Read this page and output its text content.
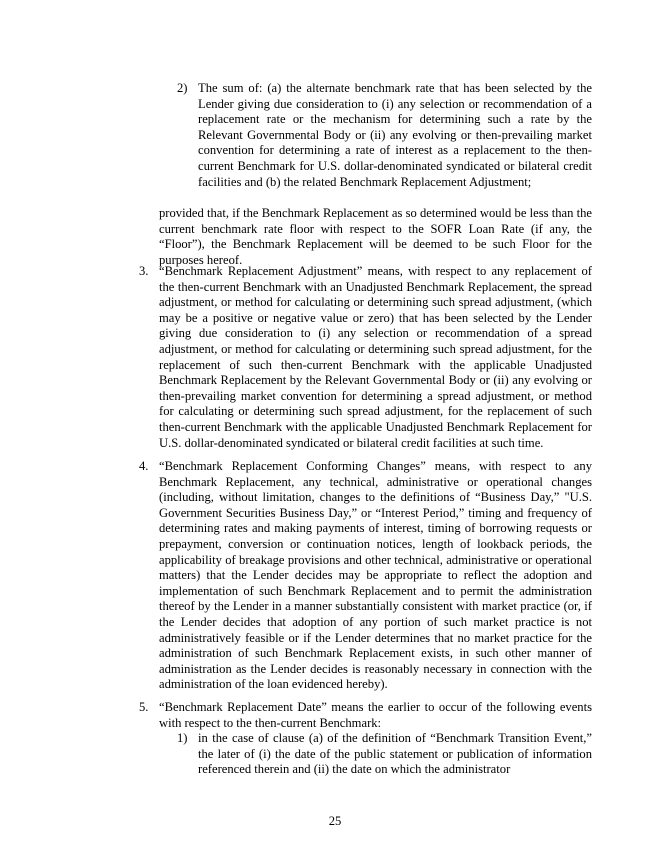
2) The sum of: (a) the alternate benchmark rate that has been selected by the Lender giving due consideration to (i) any selection or recommendation of a replacement rate or the mechanism for determining such a rate by the Relevant Governmental Body or (ii) any evolving or then-prevailing market convention for determining a rate of interest as a replacement to the then-current Benchmark for U.S. dollar-denominated syndicated or bilateral credit facilities and (b) the related Benchmark Replacement Adjustment;

provided that, if the Benchmark Replacement as so determined would be less than the current benchmark rate floor with respect to the SOFR Loan Rate (if any, the “Floor”), the Benchmark Replacement will be deemed to be such Floor for the purposes hereof.

3. “Benchmark Replacement Adjustment” means, with respect to any replacement of the then-current Benchmark with an Unadjusted Benchmark Replacement, the spread adjustment, or method for calculating or determining such spread adjustment, (which may be a positive or negative value or zero) that has been selected by the Lender giving due consideration to (i) any selection or recommendation of a spread adjustment, or method for calculating or determining such spread adjustment, for the replacement of such then-current Benchmark with the applicable Unadjusted Benchmark Replacement by the Relevant Governmental Body or (ii) any evolving or then-prevailing market convention for determining a spread adjustment, or method for calculating or determining such spread adjustment, for the replacement of such then-current Benchmark with the applicable Unadjusted Benchmark Replacement for U.S. dollar-denominated syndicated or bilateral credit facilities at such time.

4. “Benchmark Replacement Conforming Changes” means, with respect to any Benchmark Replacement, any technical, administrative or operational changes (including, without limitation, changes to the definitions of “Business Day,” "U.S. Government Securities Business Day,” or “Interest Period,” timing and frequency of determining rates and making payments of interest, timing of borrowing requests or prepayment, conversion or continuation notices, length of lookback periods, the applicability of breakage provisions and other technical, administrative or operational matters) that the Lender decides may be appropriate to reflect the adoption and implementation of such Benchmark Replacement and to permit the administration thereof by the Lender in a manner substantially consistent with market practice (or, if the Lender decides that adoption of any portion of such market practice is not administratively feasible or if the Lender determines that no market practice for the administration of such Benchmark Replacement exists, in such other manner of administration as the Lender decides is reasonably necessary in connection with the administration of the loan evidenced hereby).

5. “Benchmark Replacement Date” means the earlier to occur of the following events with respect to the then-current Benchmark:

1) in the case of clause (a) of the definition of “Benchmark Transition Event,” the later of (i) the date of the public statement or publication of information referenced therein and (ii) the date on which the administrator

25
